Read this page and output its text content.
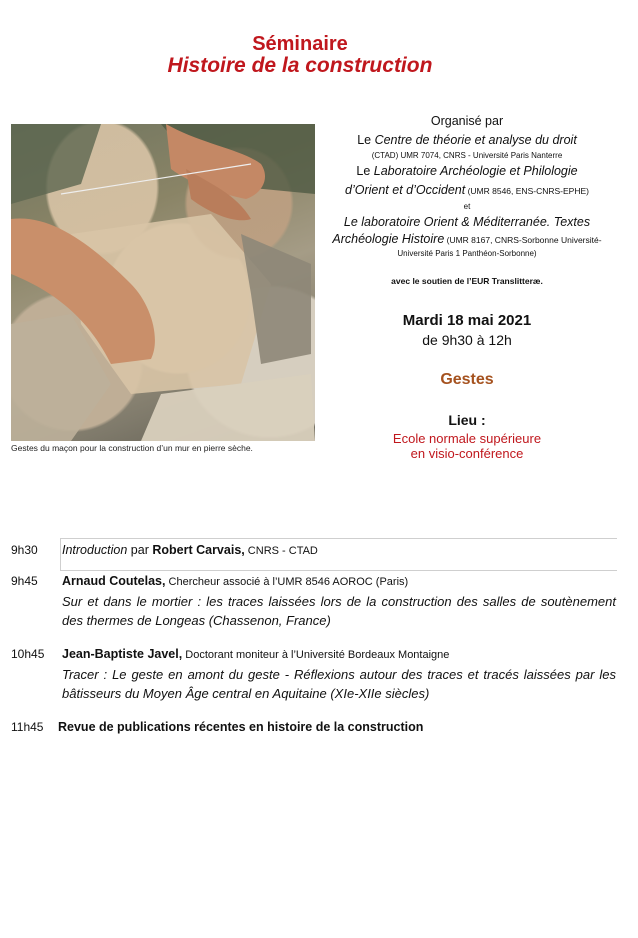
Séminaire
Histoire de la construction
Gestes du maçon pour la construction d’un mur en pierre sèche.
Organisé par
Le Centre de théorie et analyse du droit
(CTAD) UMR 7074, CNRS - Université Paris Nanterre
Le Laboratoire Archéologie et Philologie
d’Orient et d’Occident (UMR 8546, ENS-CNRS-EPHE)
et
Le laboratoire Orient & Méditerranée. Textes
Archéologie Histoire (UMR 8167, CNRS-Sorbonne Université-
Université Paris 1 Panthéon-Sorbonne)
avec le soutien de l’EUR Translitteræ.
Mardi 18 mai 2021
de 9h30 à 12h
Gestes
Lieu :
Ecole normale supérieure
en visio-conférence
9h30 Introduction par Robert Carvais, CNRS - CTAD
9h45 Arnaud Coutelas, Chercheur associé à l’UMR 8546 AOROC (Paris)
Sur et dans le mortier : les traces laissées lors de la construction des salles de soutènement des thermes de Longeas (Chassenon, France)
10h45 Jean-Baptiste Javel, Doctorant moniteur à l’Université Bordeaux Montaigne
Tracer : Le geste en amont du geste - Réflexions autour des traces et tracés laissées par les bâtisseurs du Moyen Âge central en Aquitaine (XIe-XIIe siècles)
11h45 Revue de publications récentes en histoire de la construction
